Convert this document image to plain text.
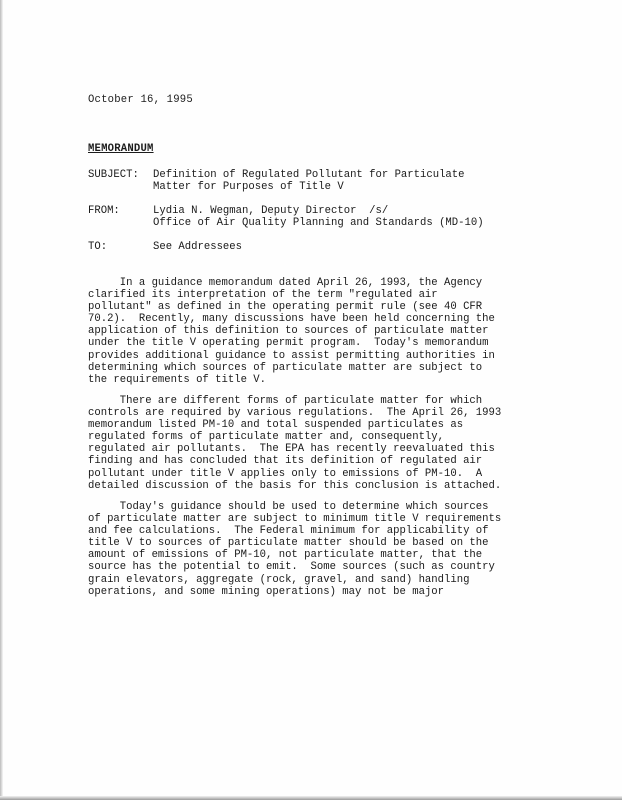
October 16, 1995
MEMORANDUM
SUBJECT: Definition of Regulated Pollutant for Particulate
Matter for Purposes of Title V
FROM:	Lydia N. Wegman, Deputy Director  /s/
Office of Air Quality Planning and Standards (MD-10)
TO:	See Addressees
In a guidance memorandum dated April 26, 1993, the Agency
clarified its interpretation of the term "regulated air
pollutant" as defined in the operating permit rule (see 40 CFR
70.2).  Recently, many discussions have been held concerning the
application of this definition to sources of particulate matter
under the title V operating permit program.  Today's memorandum
provides additional guidance to assist permitting authorities in
determining which sources of particulate matter are subject to
the requirements of title V.
There are different forms of particulate matter for which
controls are required by various regulations.  The April 26, 1993
memorandum listed PM-10 and total suspended particulates as
regulated forms of particulate matter and, consequently,
regulated air pollutants.  The EPA has recently reevaluated this
finding and has concluded that its definition of regulated air
pollutant under title V applies only to emissions of PM-10.  A
detailed discussion of the basis for this conclusion is attached.
Today's guidance should be used to determine which sources
of particulate matter are subject to minimum title V requirements
and fee calculations.  The Federal minimum for applicability of
title V to sources of particulate matter should be based on the
amount of emissions of PM-10, not particulate matter, that the
source has the potential to emit.  Some sources (such as country
grain elevators, aggregate (rock, gravel, and sand) handling
operations, and some mining operations) may not be major
